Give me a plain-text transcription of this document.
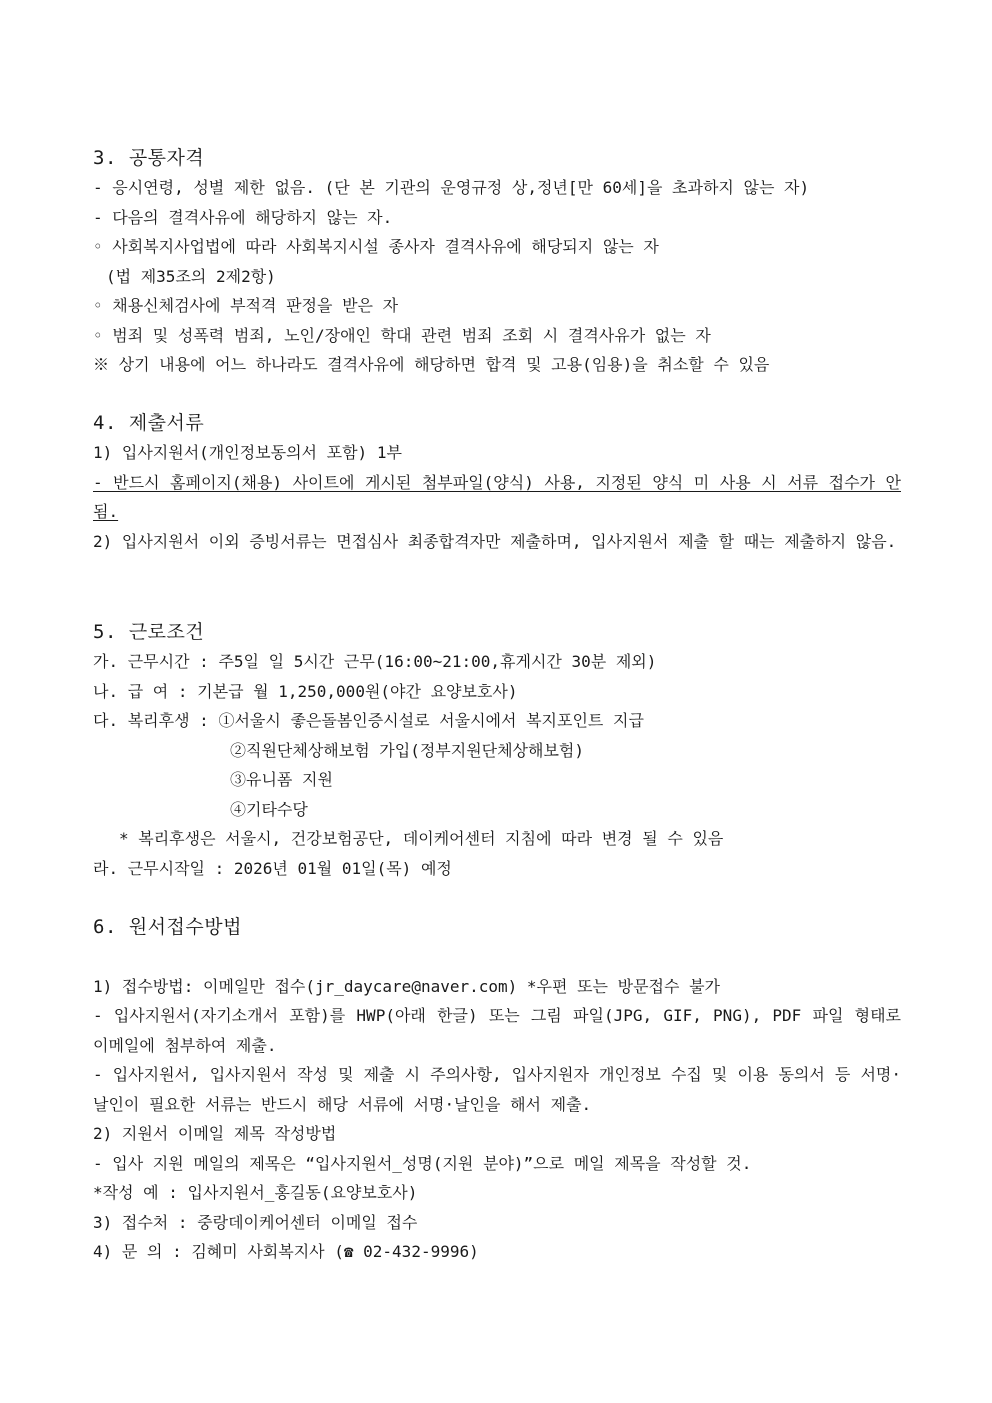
3. 공통자격
- 응시연령, 성별 제한 없음. (단 본 기관의 운영규정 상,정년[만 60세]을 초과하지 않는 자)
- 다음의 결격사유에 해당하지 않는 자.
◦ 사회복지사업법에 따라 사회복지시설 종사자 결격사유에 해당되지 않는 자
(법 제35조의 2제2항)
◦ 채용신체검사에 부적격 판정을 받은 자
◦ 범죄 및 성폭력 범죄, 노인/장애인 학대 관련 범죄 조회 시 결격사유가 없는 자
※ 상기 내용에 어느 하나라도 결격사유에 해당하면 합격 및 고용(임용)을 취소할 수 있음
4. 제출서류
1) 입사지원서(개인정보동의서 포함) 1부
- 반드시 홈페이지(채용) 사이트에 게시된 첨부파일(양식) 사용, 지정된 양식 미 사용 시 서류 접수가 안됨.
2) 입사지원서 이외 증빙서류는 면접심사 최종합격자만 제출하며, 입사지원서 제출 할 때는 제출하지 않음.
5. 근로조건
가. 근무시간 : 주5일 일 5시간 근무(16:00~21:00,휴게시간 30분 제외)
나. 급 여 : 기본급 월 1,250,000원(야간 요양보호사)
다. 복리후생 : ①서울시 좋은돌봄인증시설로 서울시에서 복지포인트 지급
②직원단체상해보험 가입(정부지원단체상해보험)
③유니폼 지원
④기타수당
* 복리후생은 서울시, 건강보험공단, 데이케어센터 지침에 따라 변경 될 수 있음
라. 근무시작일 : 2026년 01월 01일(목) 예정
6. 원서접수방법
1) 접수방법: 이메일만 접수(jr_daycare@naver.com) *우편 또는 방문접수 불가
- 입사지원서(자기소개서 포함)를 HWP(아래 한글) 또는 그림 파일(JPG, GIF, PNG), PDF 파일 형태로 이메일에 첨부하여 제출.
- 입사지원서, 입사지원서 작성 및 제출 시 주의사항, 입사지원자 개인정보 수집 및 이용 동의서 등 서명·날인이 필요한 서류는 반드시 해당 서류에 서명·날인을 해서 제출.
2) 지원서 이메일 제목 작성방법
- 입사 지원 메일의 제목은 “입사지원서_성명(지원 분야)”으로 메일 제목을 작성할 것.
*작성 예 : 입사지원서_홍길동(요양보호사)
3) 접수처 : 중랑데이케어센터 이메일 접수
4) 문 의 : 김혜미 사회복지사 (☎ 02-432-9996)
